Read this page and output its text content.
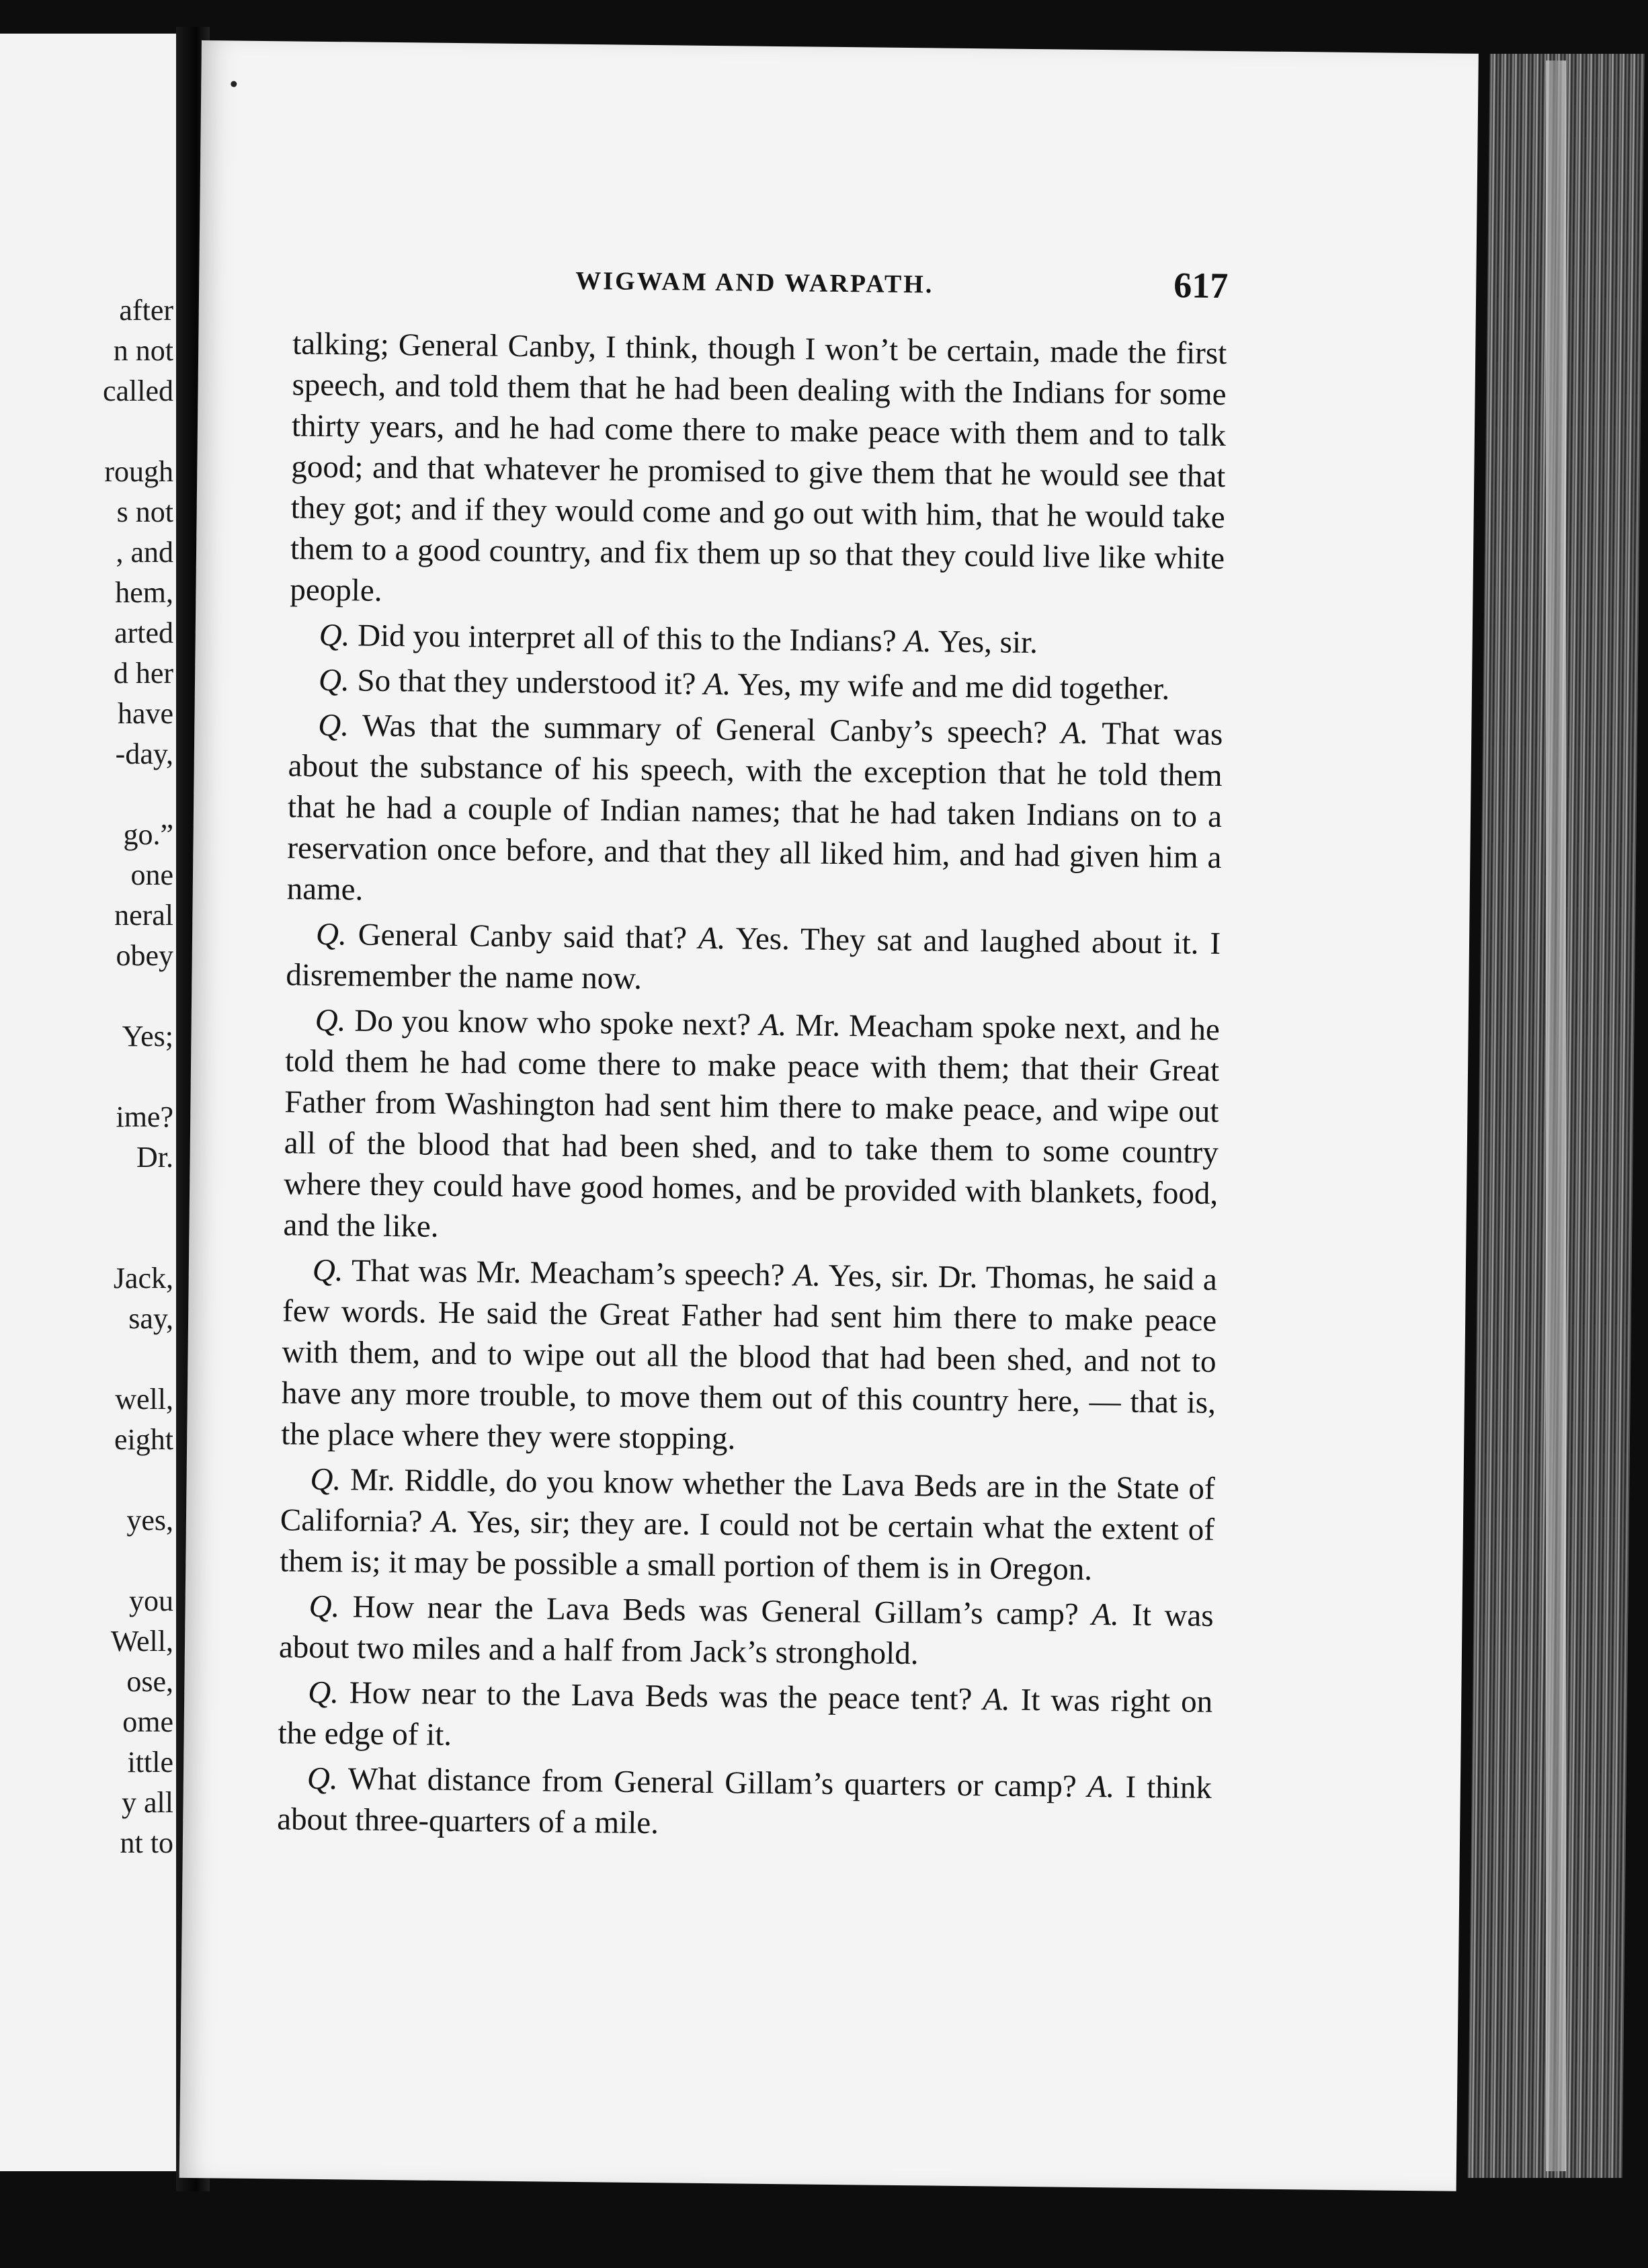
after
n not
called
rough
s not
, and
hem,
arted
d her
have
-day,
go.”
one
neral
obey
Yes;
ime?
Dr.
Jack,
say,
well,
eight
yes,
you
Well,
ose,
ome
ittle
y all
nt to
WIGWAM AND WARPATH.	617

talking; General Canby, I think, though I won’t be certain, made the first speech, and told them that he had been dealing with the Indians for some thirty years, and he had come there to make peace with them and to talk good; and that whatever he promised to give them that he would see that they got; and if they would come and go out with him, that he would take them to a good country, and fix them up so that they could live like white people.

Q. Did you interpret all of this to the Indians? A. Yes, sir.

Q. So that they understood it? A. Yes, my wife and me did together.

Q. Was that the summary of General Canby’s speech? A. That was about the substance of his speech, with the exception that he told them that he had a couple of Indian names; that he had taken Indians on to a reservation once before, and that they all liked him, and had given him a name.

Q. General Canby said that? A. Yes. They sat and laughed about it. I disremember the name now.

Q. Do you know who spoke next? A. Mr. Meacham spoke next, and he told them he had come there to make peace with them; that their Great Father from Washington had sent him there to make peace, and wipe out all of the blood that had been shed, and to take them to some country where they could have good homes, and be provided with blankets, food, and the like.

Q. That was Mr. Meacham’s speech? A. Yes, sir. Dr. Thomas, he said a few words. He said the Great Father had sent him there to make peace with them, and to wipe out all the blood that had been shed, and not to have any more trouble, to move them out of this country here, — that is, the place where they were stopping.

Q. Mr. Riddle, do you know whether the Lava Beds are in the State of California? A. Yes, sir; they are. I could not be certain what the extent of them is; it may be possible a small portion of them is in Oregon.

Q. How near the Lava Beds was General Gillam’s camp? A. It was about two miles and a half from Jack’s stronghold.

Q. How near to the Lava Beds was the peace tent? A. It was right on the edge of it.

Q. What distance from General Gillam’s quarters or camp? A. I think about three-quarters of a mile.
